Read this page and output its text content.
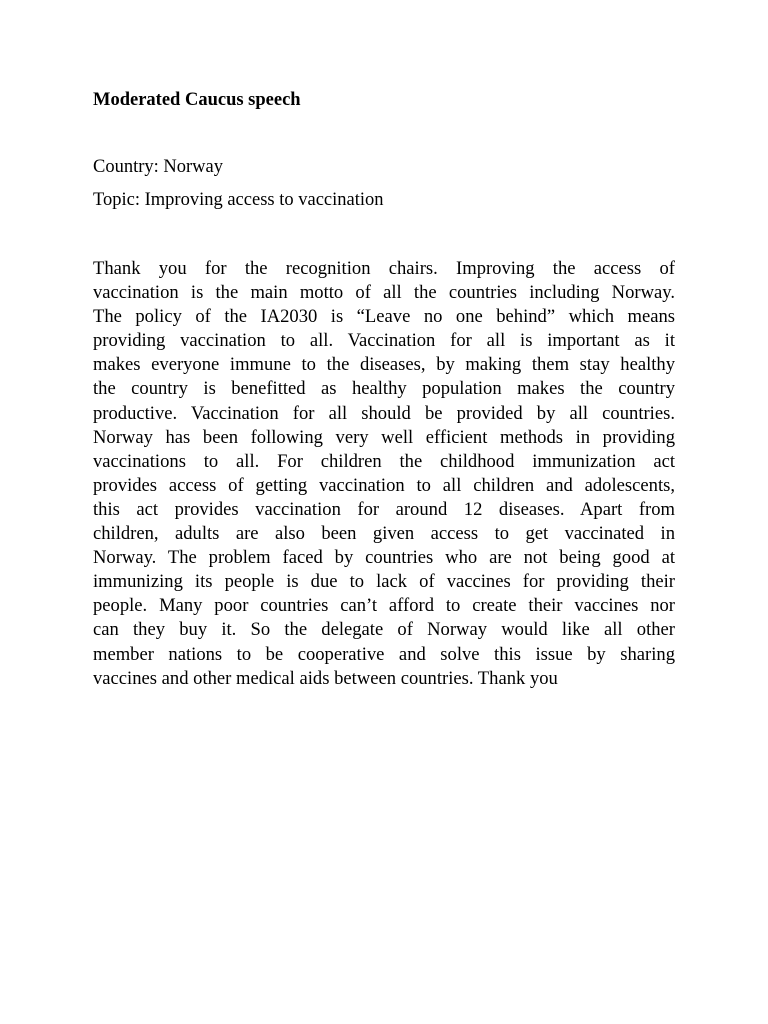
Moderated Caucus speech

Country: Norway

Topic: Improving access to vaccination

Thank you for the recognition chairs. Improving the access of
vaccination is the main motto of all the countries including Norway.
The policy of the IA2030 is “Leave no one behind” which means
providing vaccination to all. Vaccination for all is important as it
makes everyone immune to the diseases, by making them stay healthy
the country is benefitted as healthy population makes the country
productive. Vaccination for all should be provided by all countries.
Norway has been following very well efficient methods in providing
vaccinations to all. For children the childhood immunization act
provides access of getting vaccination to all children and adolescents,
this act provides vaccination for around 12 diseases. Apart from
children, adults are also been given access to get vaccinated in
Norway. The problem faced by countries who are not being good at
immunizing its people is due to lack of vaccines for providing their
people. Many poor countries can’t afford to create their vaccines nor
can they buy it. So the delegate of Norway would like all other
member nations to be cooperative and solve this issue by sharing
vaccines and other medical aids between countries. Thank you
